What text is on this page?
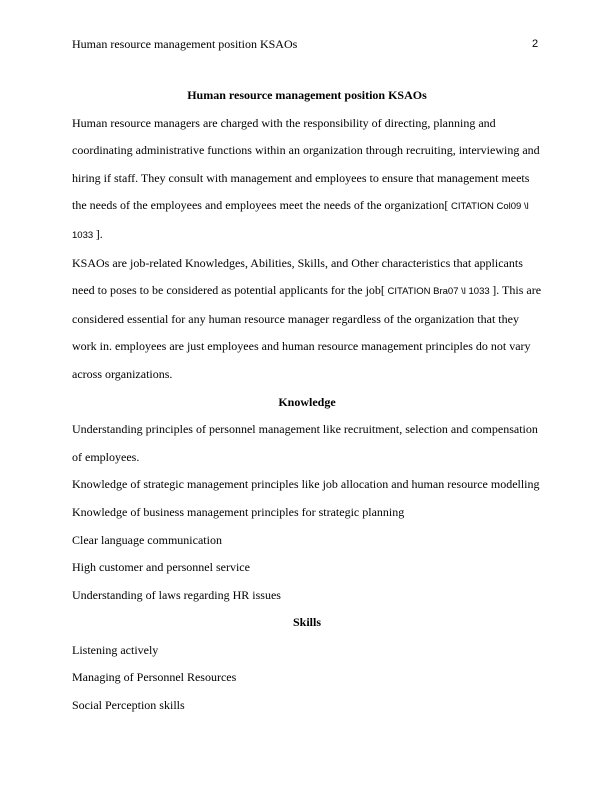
Human resource management position KSAOs	2

Human resource management position KSAOs

Human resource managers are charged with the responsibility of directing, planning and coordinating administrative functions within an organization through recruiting, interviewing and hiring if staff. They consult with management and employees to ensure that management meets the needs of the employees and employees meet the needs of the organization[ CITATION Col09 \l 1033 ].

KSAOs are job-related Knowledges, Abilities, Skills, and Other characteristics that applicants need to poses to be considered as potential applicants for the job[ CITATION Bra07 \l 1033 ]. This are considered essential for any human resource manager regardless of the organization that they work in. employees are just employees and human resource management principles do not vary across organizations.

Knowledge

Understanding principles of personnel management like recruitment, selection and compensation of employees.

Knowledge of strategic management principles like job allocation and human resource modelling

Knowledge of business management principles for strategic planning

Clear language communication

High customer and personnel service

Understanding of laws regarding HR issues

Skills

Listening actively

Managing of Personnel Resources

Social Perception skills
